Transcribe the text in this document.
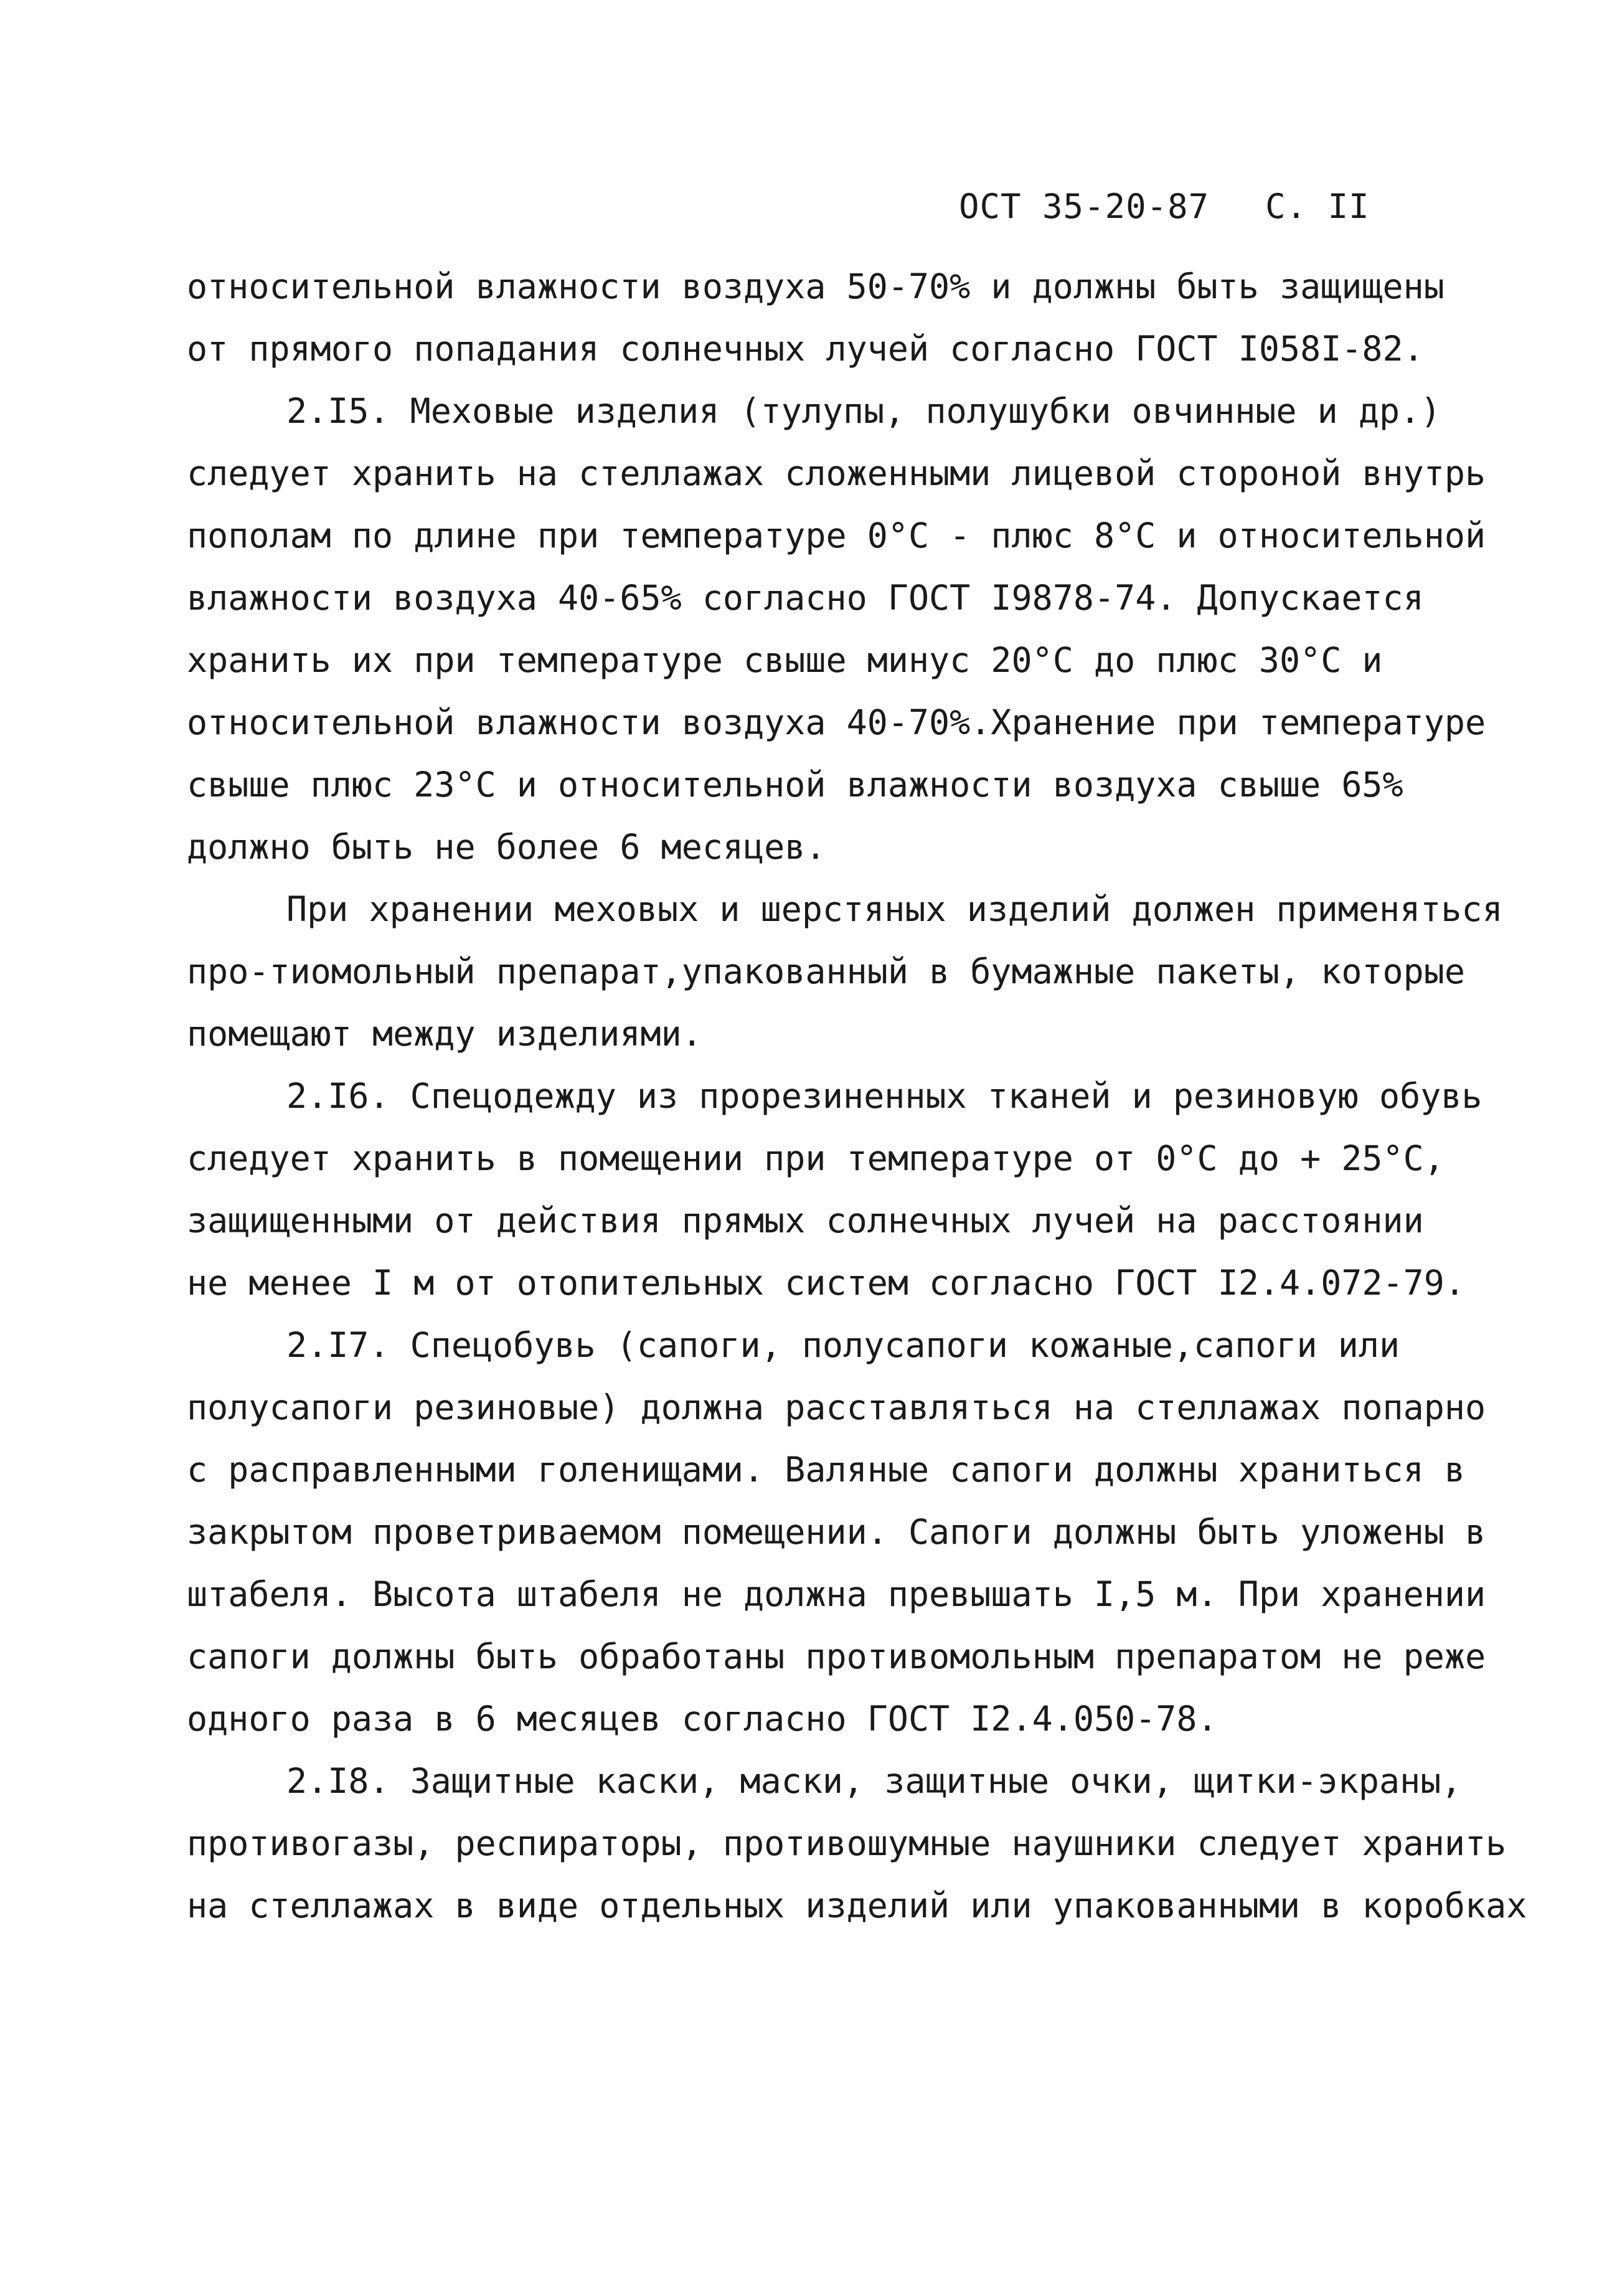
ОСТ 35-20-87 С. II
относительной влажности воздуха 50-70% и должны быть защищены
от прямого попадания солнечных лучей согласно ГОСТ I058I-82.
2.I5. Меховые изделия (тулупы, полушубки овчинные и др.)
следует хранить на стеллажах сложенными лицевой стороной внутрь
пополам по длине при температуре 0°С - плюс 8°С и относительной
влажности воздуха 40-65% согласно ГОСТ I9878-74. Допускается
хранить их при температуре свыше минус 20°С до плюс 30°С и
относительной влажности воздуха 40-70%.Хранение при температуре
свыше плюс 23°С и относительной влажности воздуха свыше 65%
должно быть не более 6 месяцев.
При хранении меховых и шерстяных изделий должен применяться
про-тиомольный препарат,упакованный в бумажные пакеты, которые
помещают между изделиями.
2.I6. Спецодежду из прорезиненных тканей и резиновую обувь
следует хранить в помещении при температуре от 0°С до + 25°С,
защищенными от действия прямых солнечных лучей на расстоянии
не менее I м от отопительных систем согласно ГОСТ I2.4.072-79.
2.I7. Спецобувь (сапоги, полусапоги кожаные,сапоги или
полусапоги резиновые) должна расставляться на стеллажах попарно
с расправленными голенищами. Валяные сапоги должны храниться в
закрытом проветриваемом помещении. Сапоги должны быть уложены в
штабеля. Высота штабеля не должна превышать I,5 м. При хранении
сапоги должны быть обработаны противомольным препаратом не реже
одного раза в 6 месяцев согласно ГОСТ I2.4.050-78.
2.I8. Защитные каски, маски, защитные очки, щитки-экраны,
противогазы, респираторы, противошумные наушники следует хранить
на стеллажах в виде отдельных изделий или упакованными в коробках
